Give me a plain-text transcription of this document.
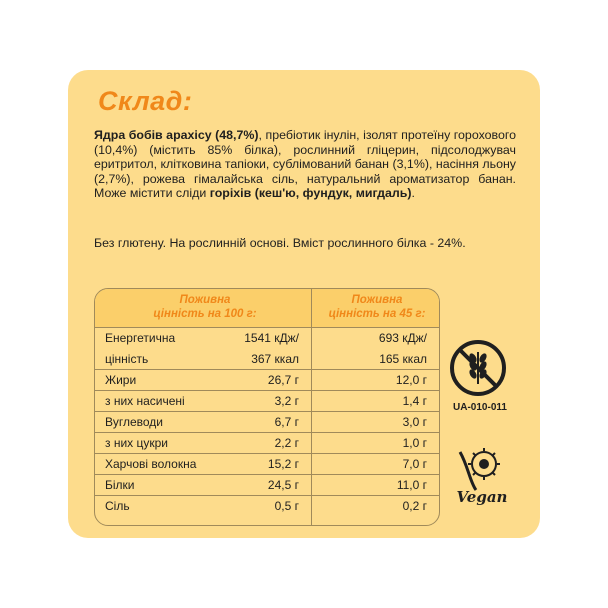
Склад:
Ядра бобів арахісу (48,7%), пребіотик інулін, ізолят протеїну горохового (10,4%) (містить 85% білка), рослинний гліцерин, підсолоджувач еритритол, клітковина тапіоки, сублімований банан (3,1%), насіння льону (2,7%), рожева гімалайська сіль, натуральний ароматизатор банан. Може містити сліди горіхів (кеш'ю, фундук, мигдаль).
Без глютену. На рослинній основі. Вміст рослинного білка - 24%.
Поживна
цінність на 100 г:
Поживна
цінність на 45 г:
Енергетична	1541 кДж/	693 кДж/
цінність	367 ккал	165 ккал
Жири	26,7 г	12,0 г
з них насичені	3,2 г	1,4 г
Вуглеводи	6,7 г	3,0 г
з них цукри	2,2 г	1,0 г
Харчові волокна	15,2 г	7,0 г
Білки	24,5 г	11,0 г
Сіль	0,5 г	0,2 г
UA-010-011
Vegan
